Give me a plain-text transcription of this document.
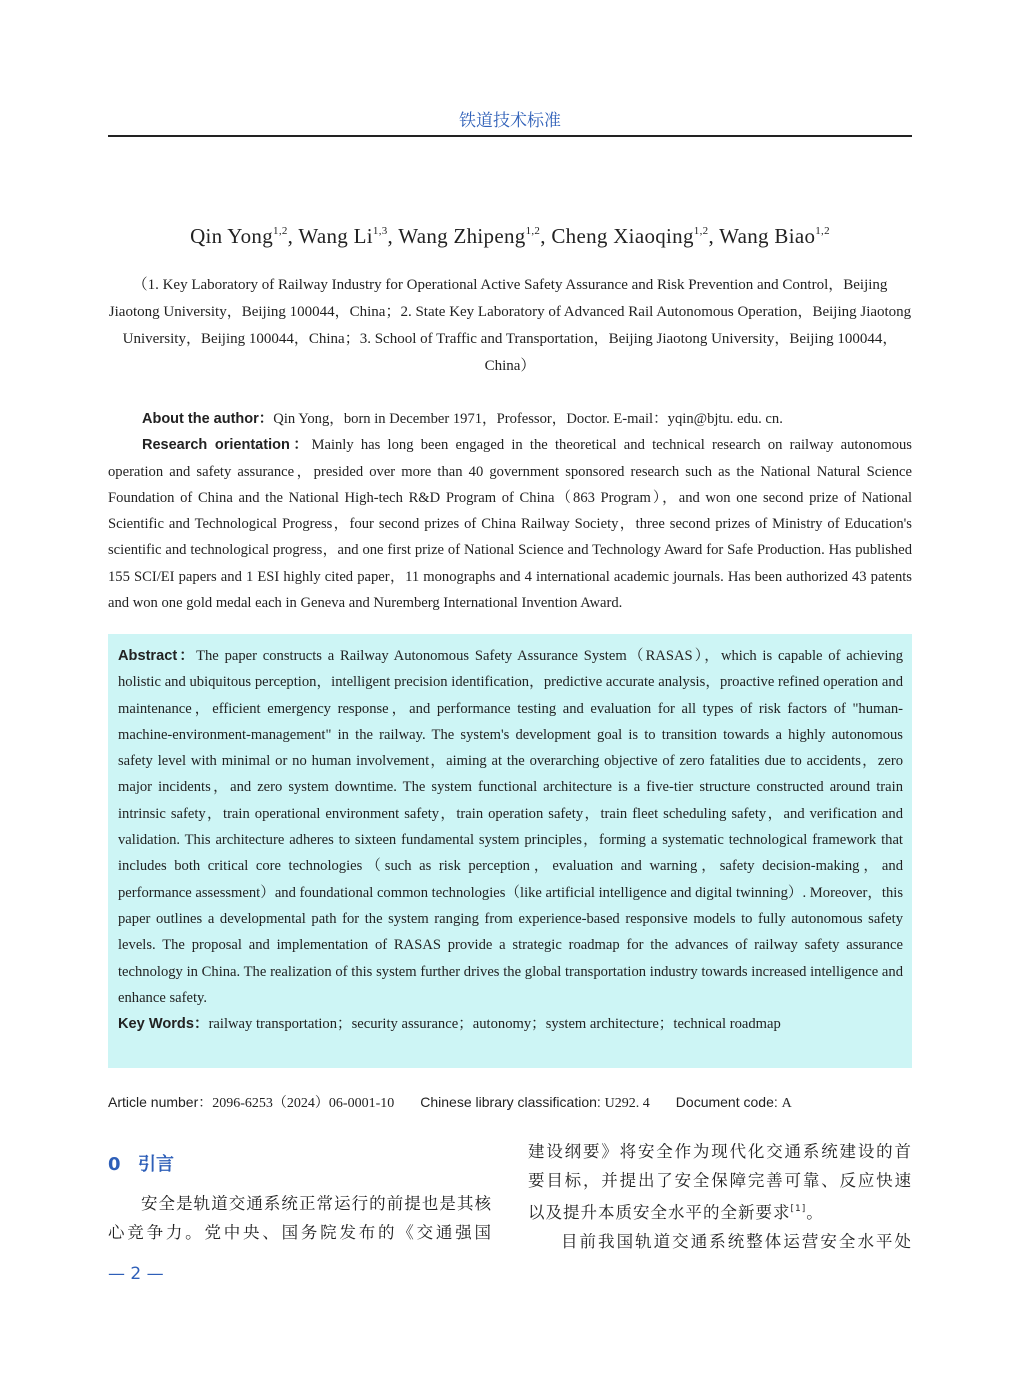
铁道技术标准
Qin Yong$^{1,2}$, Wang Li$^{1,3}$, Wang Zhipeng$^{1,2}$, Cheng Xiaoqing$^{1,2}$, Wang Biao$^{1,2}$
（1. Key Laboratory of Railway Industry for Operational Active Safety Assurance and Risk Prevention and Control，Beijing Jiaotong University，Beijing 100044，China；2. State Key Laboratory of Advanced Rail Autonomous Operation，Beijing Jiaotong University，Beijing 100044，China；3. School of Traffic and Transportation，Beijing Jiaotong University，Beijing 100044，China）

About the author：Qin Yong，born in December 1971，Professor，Doctor. E-mail：yqin@bjtu. edu. cn.

Research orientation：Mainly has long been engaged in the theoretical and technical research on railway autonomous operation and safety assurance，presided over more than 40 government sponsored research such as the National Natural Science Foundation of China and the National High-tech R&D Program of China（863 Program），and won one second prize of National Scientific and Technological Progress，four second prizes of China Railway Society，three second prizes of Ministry of Education's scientific and technological progress，and one first prize of National Science and Technology Award for Safe Production. Has published 155 SCI/EI papers and 1 ESI highly cited paper，11 monographs and 4 international academic journals. Has been authorized 43 patents and won one gold medal each in Geneva and Nuremberg International Invention Award.

Abstract：The paper constructs a Railway Autonomous Safety Assurance System（RASAS），which is capable of achieving holistic and ubiquitous perception，intelligent precision identification，predictive accurate analysis，proactive refined operation and maintenance，efficient emergency response，and performance testing and evaluation for all types of risk factors of "human-machine-environment-management" in the railway. The system's development goal is to transition towards a highly autonomous safety level with minimal or no human involvement，aiming at the overarching objective of zero fatalities due to accidents，zero major incidents，and zero system downtime. The system functional architecture is a five-tier structure constructed around train intrinsic safety，train operational environment safety，train operation safety，train fleet scheduling safety，and verification and validation. This architecture adheres to sixteen fundamental system principles，forming a systematic technological framework that includes both critical core technologies（such as risk perception，evaluation and warning，safety decision-making，and performance assessment）and foundational common technologies（like artificial intelligence and digital twinning）. Moreover，this paper outlines a developmental path for the system ranging from experience-based responsive models to fully autonomous safety levels. The proposal and implementation of RASAS provide a strategic roadmap for the advances of railway safety assurance technology in China. The realization of this system further drives the global transportation industry towards increased intelligence and enhance safety.

Key Words：railway transportation；security assurance；autonomy；system architecture；technical roadmap

Article number：2096-6253（2024）06-0001-10 Chinese library classification: U292. 4 Document code: A
0 引言

安全是轨道交通系统正常运行的前提也是其核心竞争力。党中央、国务院发布的《交通强国

建设纲要》将安全作为现代化交通系统建设的首要目标，并提出了安全保障完善可靠、反应快速以及提升本质安全水平的全新要求[1]。

目前我国轨道交通系统整体运营安全水平处

— 2 —
